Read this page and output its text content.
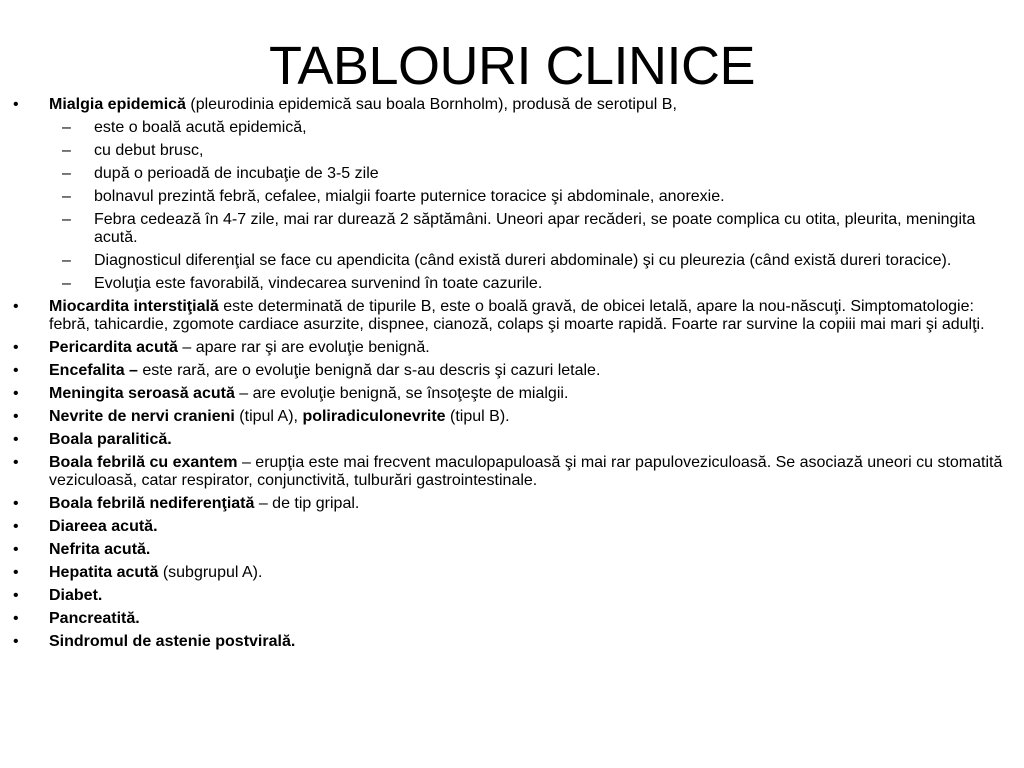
TABLOURI CLINICE
• Mialgia epidemică (pleurodinia epidemică sau boala Bornholm), produsă de serotipul B,
– este o boală acută epidemică,
– cu debut brusc,
– după o perioadă de incubaţie de 3-5 zile
– bolnavul prezintă febră, cefalee, mialgii foarte puternice toracice şi abdominale, anorexie.
– Febra cedează în 4-7 zile, mai rar durează 2 săptămâni. Uneori apar recăderi, se poate complica cu otita, pleurita, meningita acută.
– Diagnosticul diferenţial se face cu apendicita (când există dureri abdominale) şi cu pleurezia (când există dureri toracice).
– Evoluţia este favorabilă, vindecarea survenind în toate cazurile.
• Miocardita interstiţială este determinată de tipurile B, este o boală gravă, de obicei letală, apare la nou-născuţi. Simptomatologie: febră, tahicardie, zgomote cardiace asurzite, dispnee, cianoză, colaps şi moarte rapidă. Foarte rar survine la copiii mai mari şi adulţi.
• Pericardita acută – apare rar şi are evoluţie benignă.
• Encefalita – este rară, are o evoluţie benignă dar s-au descris şi cazuri letale.
• Meningita seroasă acută – are evoluţie benignă, se însoţeşte de mialgii.
• Nevrite de nervi cranieni (tipul A), poliradiculonevrite (tipul B).
• Boala paralitică.
• Boala febrilă cu exantem – erupţia este mai frecvent maculopapuloasă şi mai rar papuloveziculoasă. Se asociază uneori cu stomatită veziculoasă, catar respirator, conjunctivită, tulburări gastrointestinale.
• Boala febrilă nediferenţiată – de tip gripal.
• Diareea acută.
• Nefrita acută.
• Hepatita acută (subgrupul A).
• Diabet.
• Pancreatită.
• Sindromul de astenie postvirală.
